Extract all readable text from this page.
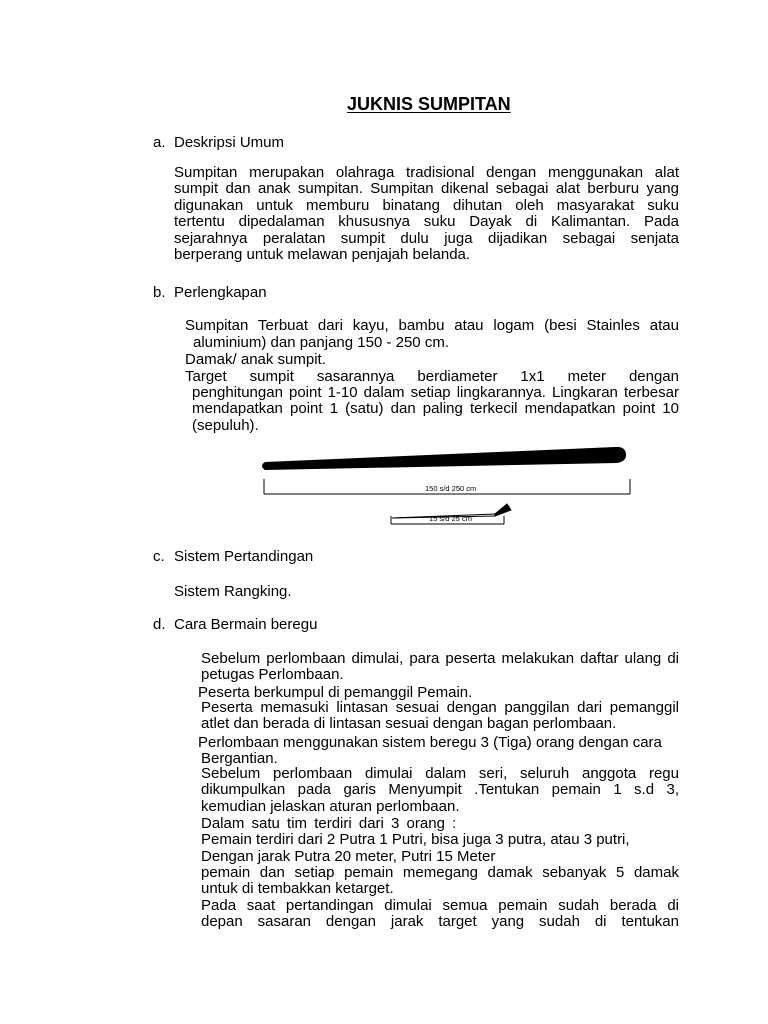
JUKNIS SUMPITAN
a. Deskripsi Umum
Sumpitan merupakan olahraga tradisional dengan menggunakan alat
sumpit dan anak sumpitan. Sumpitan dikenal sebagai alat berburu yang
digunakan untuk memburu binatang dihutan oleh masyarakat suku
tertentu dipedalaman khususnya suku Dayak di Kalimantan. Pada
sejarahnya peralatan sumpit dulu juga dijadikan sebagai senjata
berperang untuk melawan penjajah belanda.
b. Perlengkapan
Sumpitan Terbuat dari kayu, bambu atau logam (besi Stainles atau
aluminium) dan panjang 150 - 250 cm.
Damak/ anak sumpit.
Target sumpit sasarannya berdiameter 1x1 meter dengan
penghitungan point 1-10 dalam setiap lingkarannya. Lingkaran terbesar
mendapatkan point 1 (satu) dan paling terkecil mendapatkan point 10
(sepuluh).
150 s/d 250 cm
15 s/d 25 cm
c. Sistem Pertandingan
Sistem Rangking.
d. Cara Bermain beregu
Sebelum perlombaan dimulai, para peserta melakukan daftar ulang di
petugas Perlombaan.
Peserta berkumpul di pemanggil Pemain.
Peserta memasuki lintasan sesuai dengan panggilan dari pemanggil
atlet dan berada di lintasan sesuai dengan bagan perlombaan.
Perlombaan menggunakan sistem beregu 3 (Tiga) orang dengan cara
Bergantian.
Sebelum perlombaan dimulai dalam seri, seluruh anggota regu
dikumpulkan pada garis Menyumpit .Tentukan pemain 1 s.d 3,
kemudian jelaskan aturan perlombaan.
Dalam satu tim terdiri dari 3 orang :
Pemain terdiri dari 2 Putra 1 Putri, bisa juga 3 putra, atau 3 putri,
Dengan jarak Putra 20 meter, Putri 15 Meter
pemain dan setiap pemain memegang damak sebanyak 5 damak
untuk di tembakkan ketarget.
Pada saat pertandingan dimulai semua pemain sudah berada di
depan sasaran dengan jarak target yang sudah di tentukan
